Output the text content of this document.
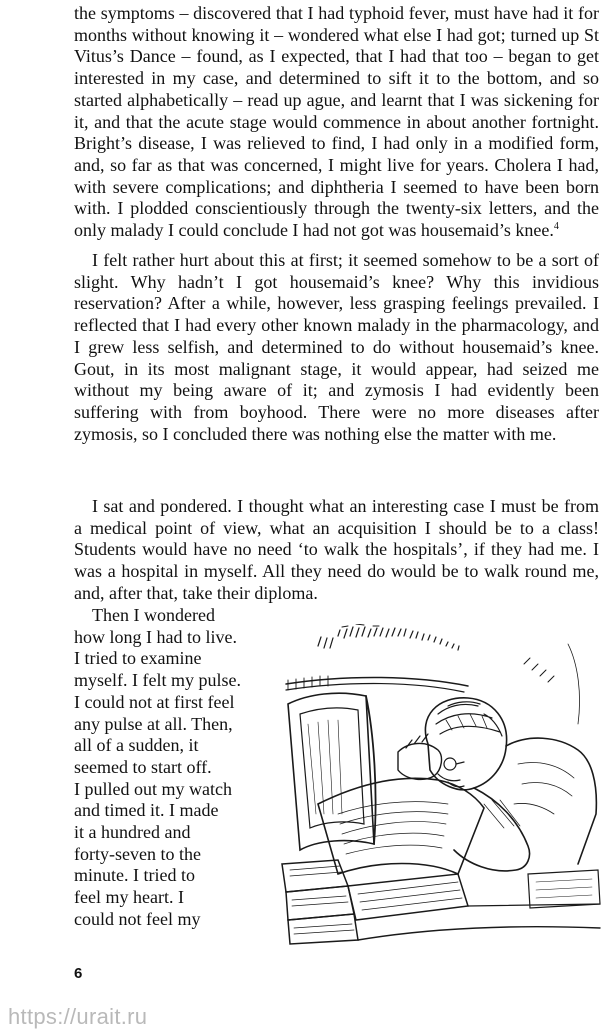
the symptoms – discovered that I had typhoid fever, must have had it for months without knowing it – wondered what else I had got; turned up St Vitus’s Dance – found, as I expected, that I had that too – began to get interested in my case, and determined to sift it to the bottom, and so started alphabetically – read up ague, and learnt that I was sickening for it, and that the acute stage would commence in about another fortnight. Bright’s disease, I was relieved to find, I had only in a modified form, and, so far as that was concerned, I might live for years. Cholera I had, with severe complications; and diphtheria I seemed to have been born with. I plodded conscientiously through the twenty-six letters, and the only malady I could conclude I had not got was housemaid’s knee.$^4$

I felt rather hurt about this at first; it seemed somehow to be a sort of slight. Why hadn’t I got housemaid’s knee? Why this invidious reservation? After a while, however, less grasping feelings prevailed. I reflected that I had every other known malady in the pharmacology, and I grew less selfish, and determined to do without housemaid’s knee. Gout, in its most malignant stage, it would appear, had seized me without my being aware of it; and zymosis I had evidently been suffering with from boyhood. There were no more diseases after zymosis, so I concluded there was nothing else the matter with me.

I sat and pondered. I thought what an interesting case I must be from a medical point of view, what an acquisition I should be to a class! Students would have no need ‘to walk the hospitals’, if they had me. I was a hospital in myself. All they need do would be to walk round me, and, after that, take their diploma.

Then I wondered
how long I had to live.
I tried to examine
myself. I felt my pulse.
I could not at first feel
any pulse at all. Then,
all of a sudden, it
seemed to start off.
I pulled out my watch
and timed it. I made
it a hundred and
forty-seven to the
minute. I tried to
feel my heart. I
could not feel my
6
https://urait.ru
